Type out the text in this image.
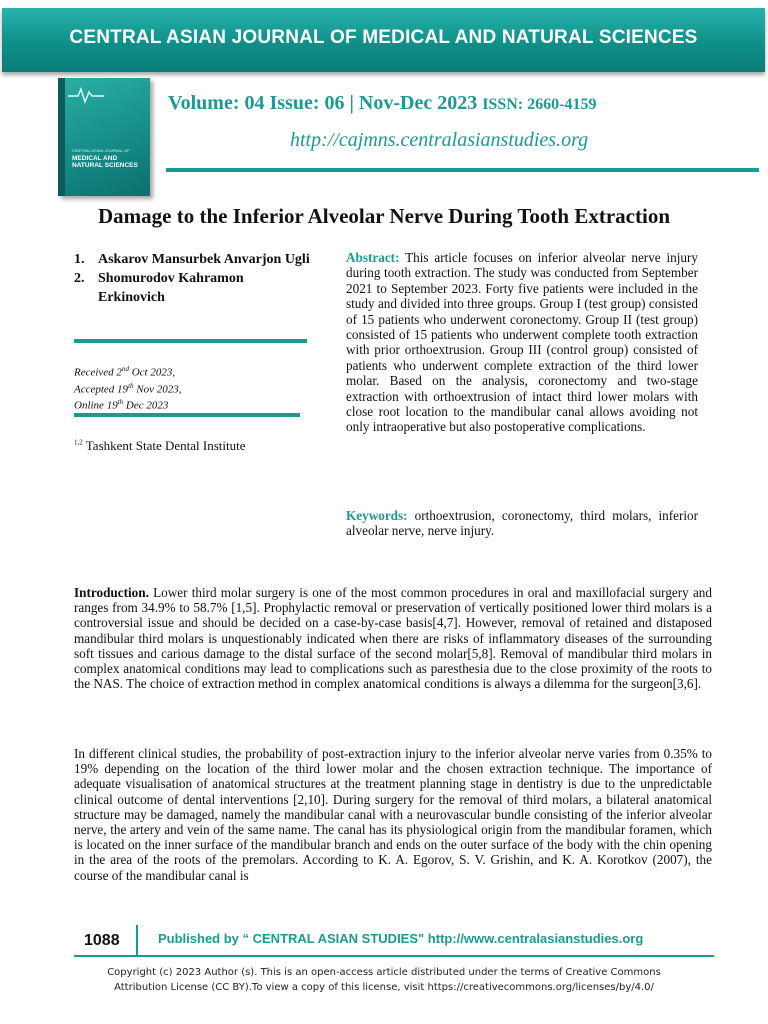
CENTRAL ASIAN JOURNAL OF MEDICAL AND NATURAL SCIENCES
CENTRAL ASIAN JOURNAL OF
MEDICAL AND NATURAL SCIENCES
Volume: 04 Issue: 06 | Nov-Dec 2023 ISSN: 2660-4159
http://cajmns.centralasianstudies.org
Damage to the Inferior Alveolar Nerve During Tooth Extraction
1. Askarov Mansurbek Anvarjon Ugli
2. Shomurodov Kahramon Erkinovich
Received 2nd Oct 2023,
Accepted 19th Nov 2023,
Online 19th Dec 2023
$^{1,2}$ Tashkent State Dental Institute
Abstract: This article focuses on inferior alveolar nerve injury during tooth extraction. The study was conducted from September 2021 to September 2023. Forty five patients were included in the study and divided into three groups. Group I (test group) consisted of 15 patients who underwent coronectomy. Group II (test group) consisted of 15 patients who underwent complete tooth extraction with prior orthoextrusion. Group III (control group) consisted of patients who underwent complete extraction of the third lower molar. Based on the analysis, coronectomy and two-stage extraction with orthoextrusion of intact third lower molars with close root location to the mandibular canal allows avoiding not only intraoperative but also postoperative complications.
Keywords: orthoextrusion, coronectomy, third molars, inferior alveolar nerve, nerve injury.
Introduction. Lower third molar surgery is one of the most common procedures in oral and maxillofacial surgery and ranges from 34.9% to 58.7% [1,5]. Prophylactic removal or preservation of vertically positioned lower third molars is a controversial issue and should be decided on a case-by-case basis[4,7]. However, removal of retained and distaposed mandibular third molars is unquestionably indicated when there are risks of inflammatory diseases of the surrounding soft tissues and carious damage to the distal surface of the second molar[5,8]. Removal of mandibular third molars in complex anatomical conditions may lead to complications such as paresthesia due to the close proximity of the roots to the NAS. The choice of extraction method in complex anatomical conditions is always a dilemma for the surgeon[3,6].
In different clinical studies, the probability of post-extraction injury to the inferior alveolar nerve varies from 0.35% to 19% depending on the location of the third lower molar and the chosen extraction technique. The importance of adequate visualisation of anatomical structures at the treatment planning stage in dentistry is due to the unpredictable clinical outcome of dental interventions [2,10]. During surgery for the removal of third molars, a bilateral anatomical structure may be damaged, namely the mandibular canal with a neurovascular bundle consisting of the inferior alveolar nerve, the artery and vein of the same name. The canal has its physiological origin from the mandibular foramen, which is located on the inner surface of the mandibular branch and ends on the outer surface of the body with the chin opening in the area of the roots of the premolars. According to K. A. Egorov, S. V. Grishin, and K. A. Korotkov (2007), the course of the mandibular canal is
1088	Published by “ CENTRAL ASIAN STUDIES" http://www.centralasianstudies.org
Copyright (c) 2023 Author (s). This is an open-access article distributed under the terms of Creative Commons
Attribution License (CC BY).To view a copy of this license, visit https://creativecommons.org/licenses/by/4.0/
